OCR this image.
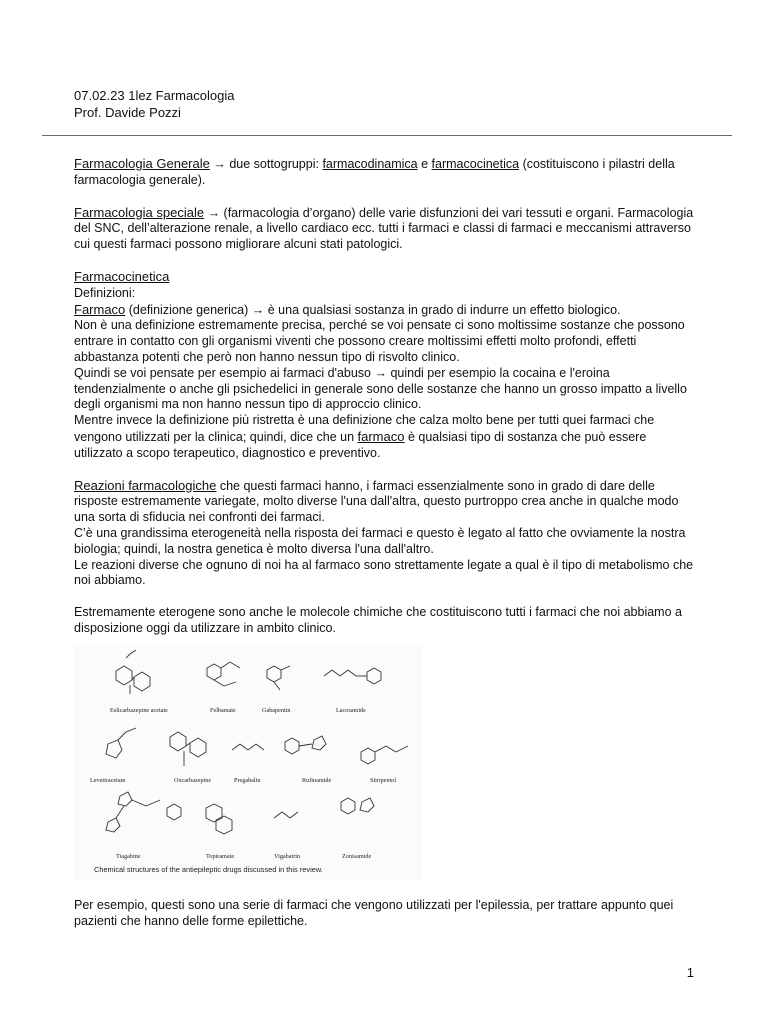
07.02.23 1lez Farmacologia
Prof. Davide Pozzi

Farmacologia Generale → due sottogruppi: farmacodinamica e farmacocinetica (costituiscono i pilastri della farmacologia generale).

Farmacologia speciale → (farmacologia d’organo) delle varie disfunzioni dei vari tessuti e organi. Farmacologia del SNC, dell’alterazione renale, a livello cardiaco ecc. tutti i farmaci e classi di farmaci e meccanismi attraverso cui questi farmaci possono migliorare alcuni stati patologici.

Farmacocinetica
Definizioni:
Farmaco (definizione generica) → è una qualsiasi sostanza in grado di indurre un effetto biologico.
Non è una definizione estremamente precisa, perché se voi pensate ci sono moltissime sostanze che possono entrare in contatto con gli organismi viventi che possono creare moltissimi effetti molto profondi, effetti abbastanza potenti che però non hanno nessun tipo di risvolto clinico.
Quindi se voi pensate per esempio ai farmaci d'abuso → quindi per esempio la cocaina e l'eroina tendenzialmente o anche gli psichedelici in generale sono delle sostanze che hanno un grosso impatto a livello degli organismi ma non hanno nessun tipo di approccio clinico.
Mentre invece la definizione più ristretta è una definizione che calza molto bene per tutti quei farmaci che vengono utilizzati per la clinica; quindi, dice che un farmaco è qualsiasi tipo di sostanza che può essere utilizzato a scopo terapeutico, diagnostico e preventivo.

Reazioni farmacologiche che questi farmaci hanno, i farmaci essenzialmente sono in grado di dare delle risposte estremamente variegate, molto diverse l'una dall'altra, questo purtroppo crea anche in qualche modo una sorta di sfiducia nei confronti dei farmaci.
C’è una grandissima eterogeneità nella risposta dei farmaci e questo è legato al fatto che ovviamente la nostra biologia; quindi, la nostra genetica è molto diversa l'una dall'altro.
Le reazioni diverse che ognuno di noi ha al farmaco sono strettamente legate a qual è il tipo di metabolismo che noi abbiamo.

Estremamente eterogene sono anche le molecole chimiche che costituiscono tutti i farmaci che noi abbiamo a disposizione oggi da utilizzare in ambito clinico.

Eslicarbazepine acetate	Felbamate	Gabapentin	Lacosamide
Levetiracetam	Oxcarbazepine	Pregabalin	Rufinamide	Stiripentol
Tiagabine	Topiramate	Vigabatrin	Zonisamide
Chemical structures of the antiepileptic drugs discussed in this review.
Per esempio, questi sono una serie di farmaci che vengono utilizzati per l'epilessia, per trattare appunto quei pazienti che hanno delle forme epilettiche.
1
